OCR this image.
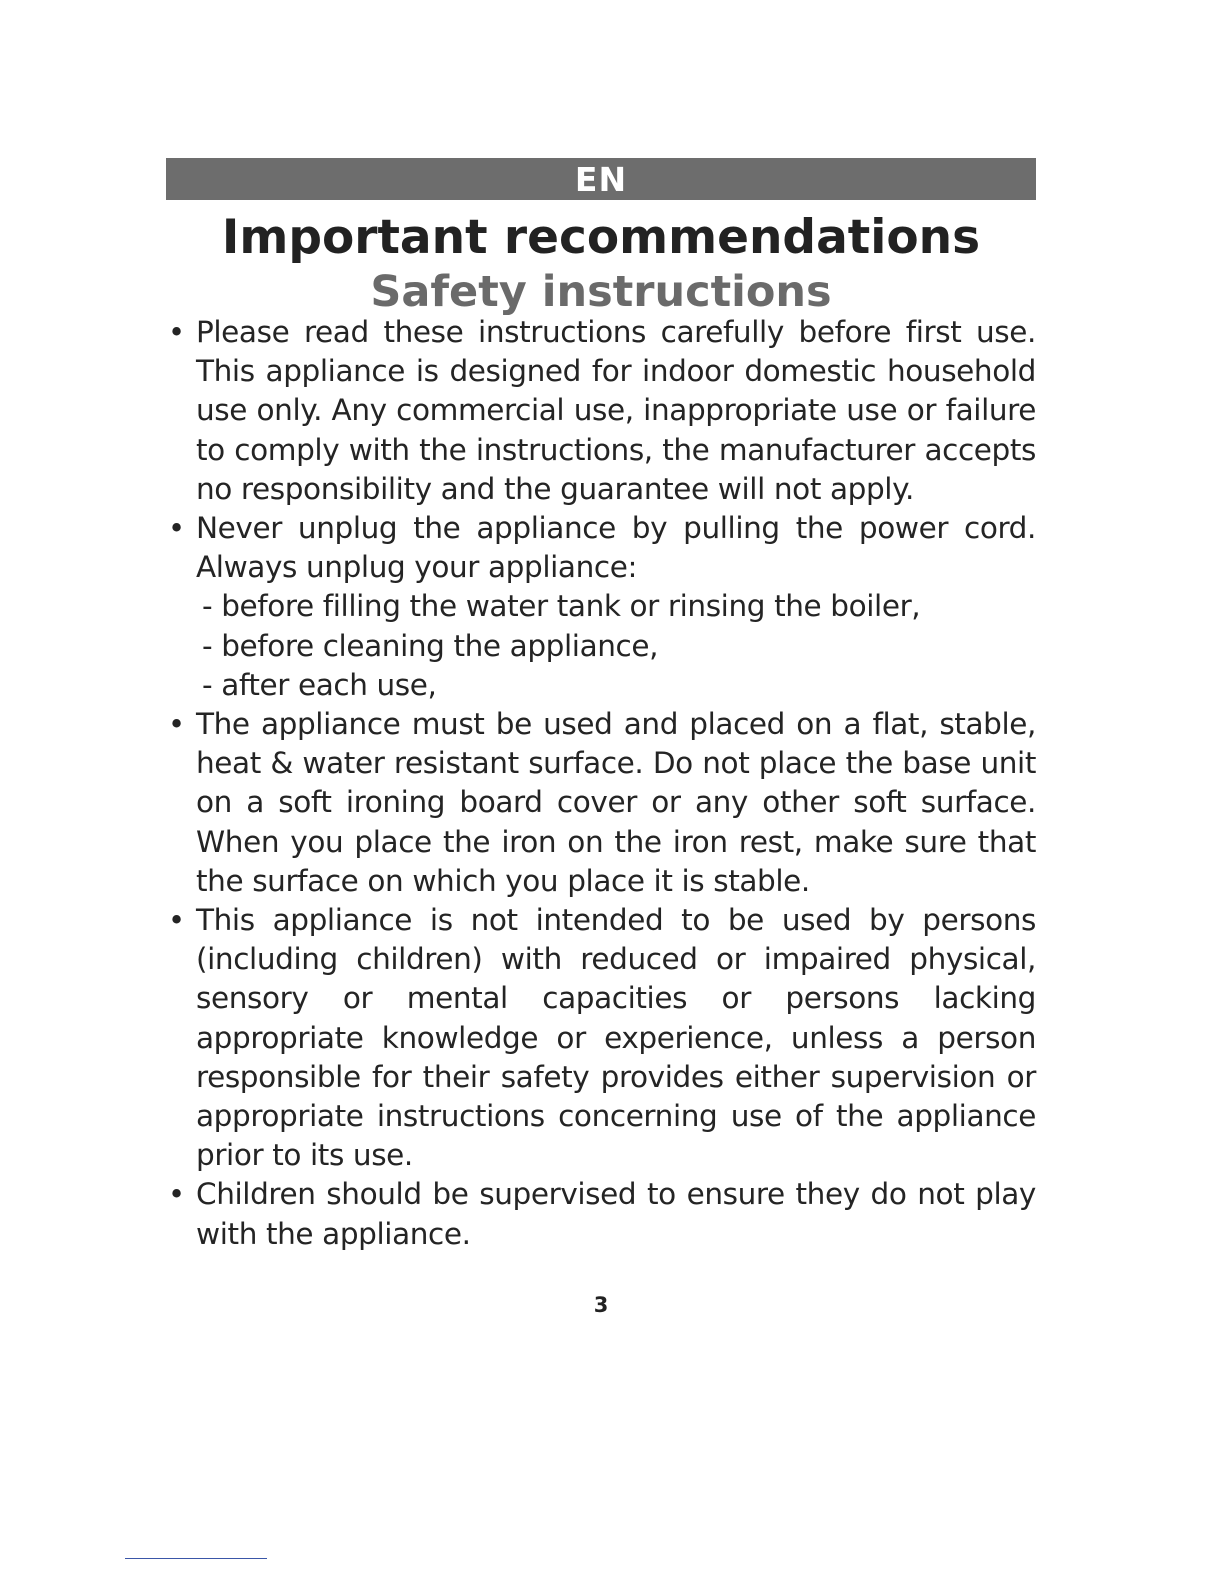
EN
Important recommendations
Safety instructions
• Please read these instructions carefully before first use. This appliance is designed for indoor domestic household use only. Any commercial use, inappropriate use or failure to comply with the instructions, the manufacturer accepts no responsibility and the guarantee will not apply.
• Never unplug the appliance by pulling the power cord. Always unplug your appliance:
- before filling the water tank or rinsing the boiler,
- before cleaning the appliance,
- after each use,
• The appliance must be used and placed on a flat, stable, heat & water resistant surface. Do not place the base unit on a soft ironing board cover or any other soft surface. When you place the iron on the iron rest, make sure that the surface on which you place it is stable.
• This appliance is not intended to be used by persons (including children) with reduced or impaired physical, sensory or mental capacities or persons lacking appropriate knowledge or experience, unless a person responsible for their safety provides either supervision or appropriate instructions concerning use of the appliance prior to its use.
• Children should be supervised to ensure they do not play with the appliance.
3
